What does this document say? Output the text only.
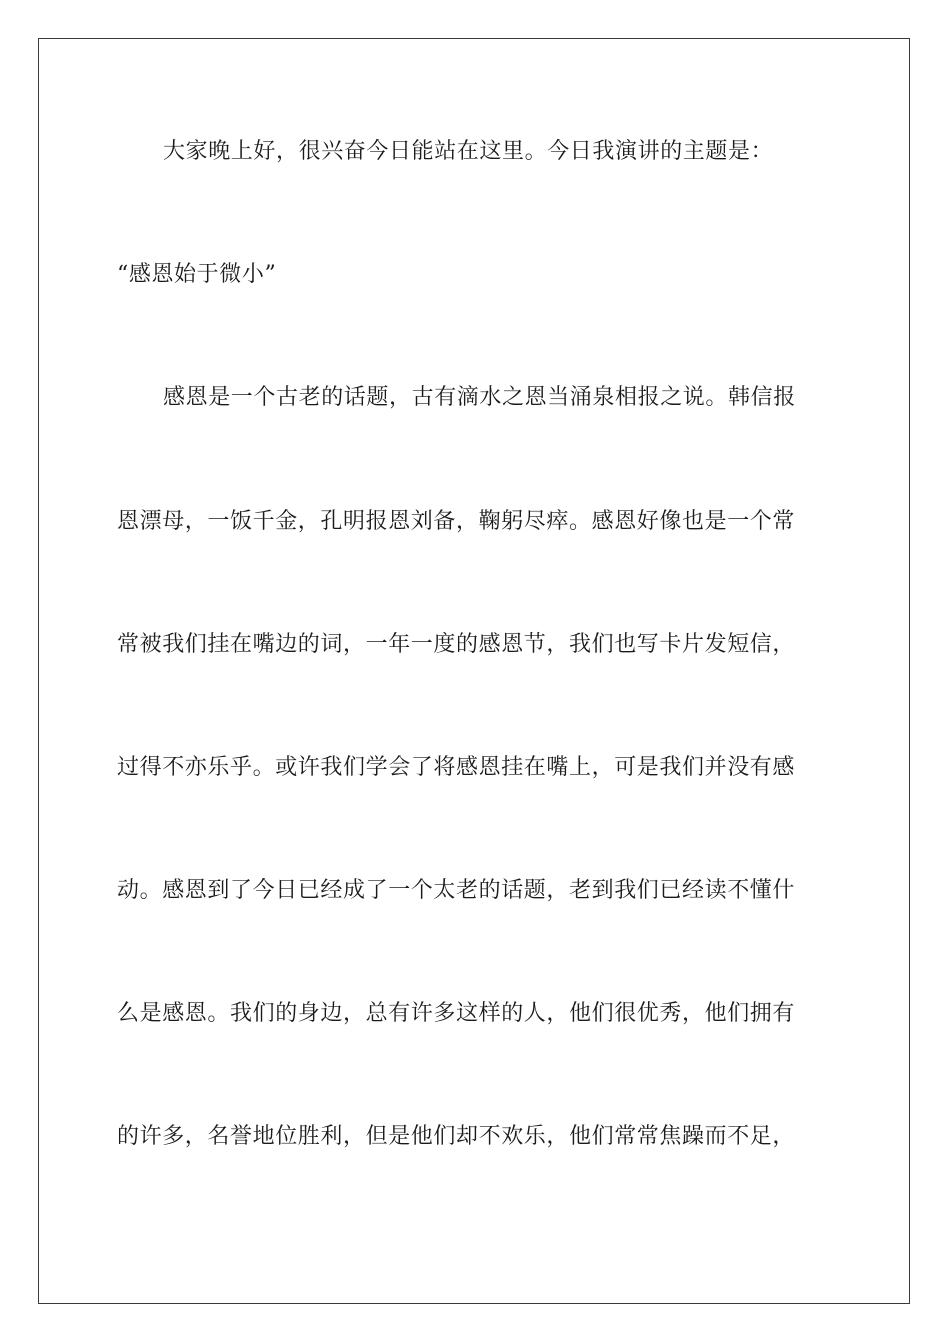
大家晚上好，很兴奋今日能站在这里。今日我演讲的主题是：
“感恩始于微小”
感恩是一个古老的话题，古有滴水之恩当涌泉相报之说。韩信报
恩漂母，一饭千金，孔明报恩刘备，鞠躬尽瘁。感恩好像也是一个常
常被我们挂在嘴边的词，一年一度的感恩节，我们也写卡片发短信，
过得不亦乐乎。或许我们学会了将感恩挂在嘴上，可是我们并没有感
动。感恩到了今日已经成了一个太老的话题，老到我们已经读不懂什
么是感恩。我们的身边，总有许多这样的人，他们很优秀，他们拥有
的许多，名誉地位胜利，但是他们却不欢乐，他们常常焦躁而不足，
